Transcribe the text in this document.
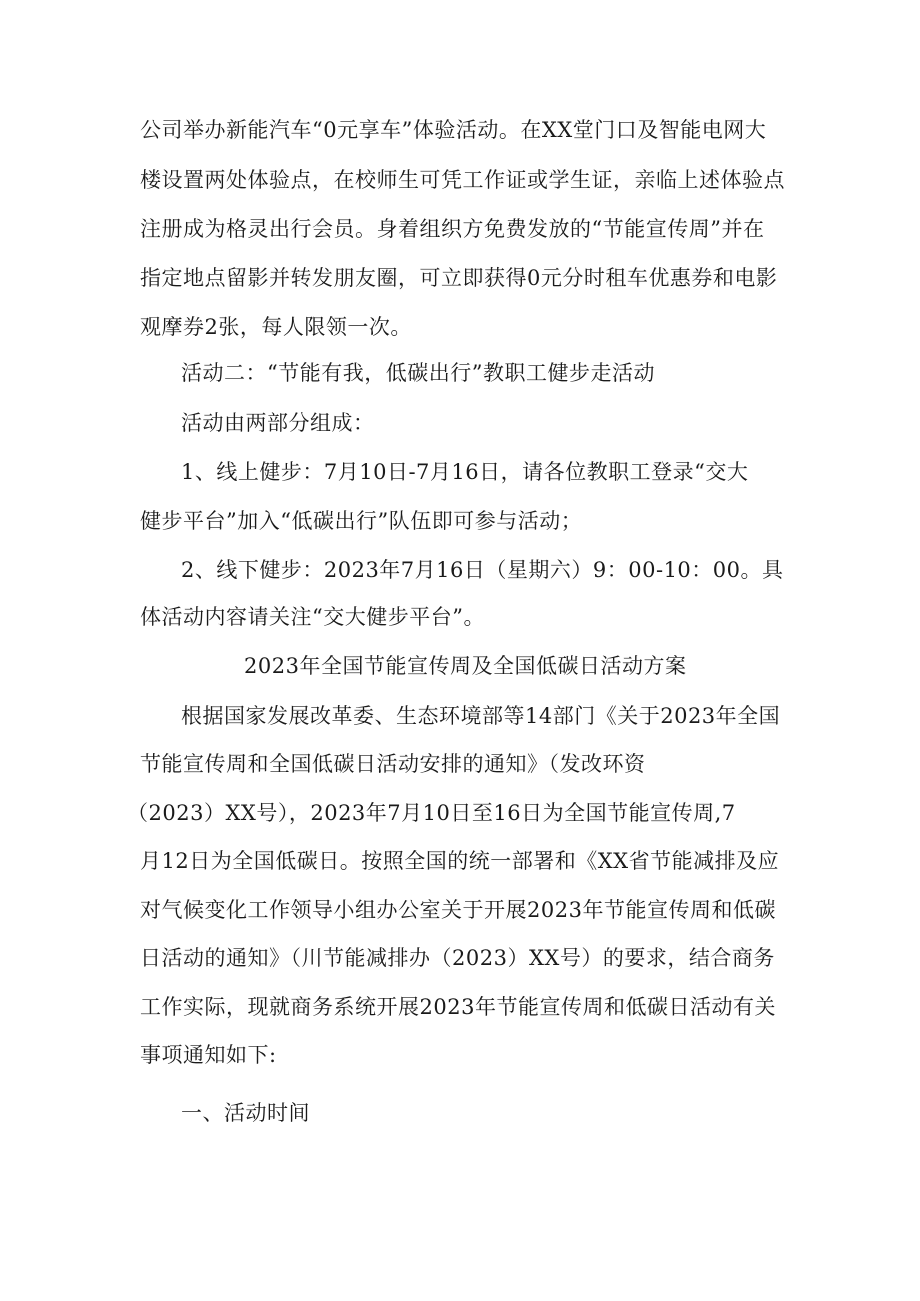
公司举办新能汽车“0元享车”体验活动。在XX堂门口及智能电网大
楼设置两处体验点，在校师生可凭工作证或学生证，亲临上述体验点
注册成为格灵出行会员。身着组织方免费发放的“节能宣传周”并在
指定地点留影并转发朋友圈，可立即获得0元分时租车优惠券和电影
观摩券2张，每人限领一次。
活动二：“节能有我，低碳出行”教职工健步走活动
活动由两部分组成：
1、线上健步：7月10日-7月16日，请各位教职工登录“交大
健步平台”加入“低碳出行”队伍即可参与活动；
2、线下健步：2023年7月16日（星期六）9：00-10：00。具
体活动内容请关注“交大健步平台”。
2023年全国节能宣传周及全国低碳日活动方案
根据国家发展改革委、生态环境部等14部门《关于2023年全国
节能宣传周和全国低碳日活动安排的通知》（发改环资
（2023）XX号），2023年7月10日至16日为全国节能宣传周,7
月12日为全国低碳日。按照全国的统一部署和《XX省节能减排及应
对气候变化工作领导小组办公室关于开展2023年节能宣传周和低碳
日活动的通知》（川节能减排办（2023）XX号）的要求，结合商务
工作实际，现就商务系统开展2023年节能宣传周和低碳日活动有关
事项通知如下:
一、活动时间
